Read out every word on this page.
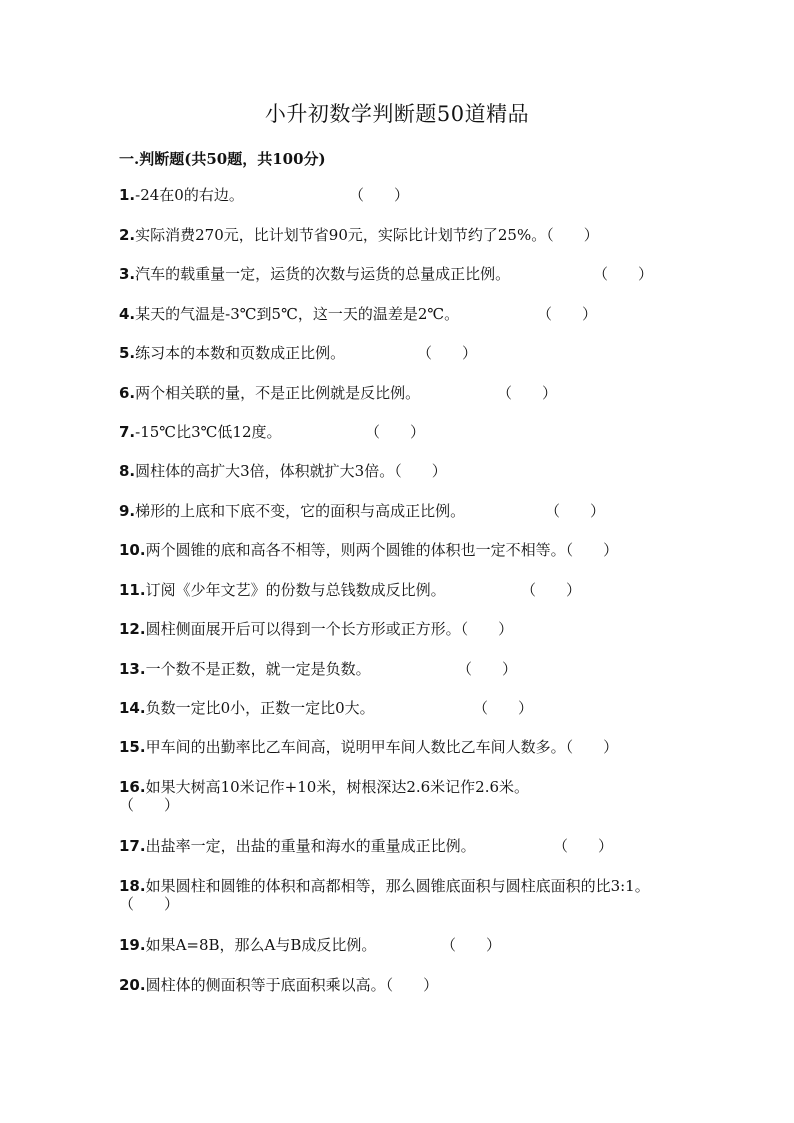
小升初数学判断题50道精品
一.判断题(共50题，共100分)
1.-24在0的右边。	（　　）
2.实际消费270元，比计划节省90元，实际比计划节约了25%。（　　）
3.汽车的载重量一定，运货的次数与运货的总量成正比例。	（　　）
4.某天的气温是-3℃到5℃，这一天的温差是2℃。	（　　）
5.练习本的本数和页数成正比例。	（　　）
6.两个相关联的量，不是正比例就是反比例。	（　　）
7.-15℃比3℃低12度。	（　　）
8.圆柱体的高扩大3倍，体积就扩大3倍。（　　）
9.梯形的上底和下底不变，它的面积与高成正比例。	（　　）
10.两个圆锥的底和高各不相等，则两个圆锥的体积也一定不相等。（　　）
11.订阅《少年文艺》的份数与总钱数成反比例。	（　　）
12.圆柱侧面展开后可以得到一个长方形或正方形。（　　）
13.一个数不是正数，就一定是负数。	（　　）
14.负数一定比0小，正数一定比0大。	（　　）
15.甲车间的出勤率比乙车间高，说明甲车间人数比乙车间人数多。（　　）
16.如果大树高10米记作+10米，树根深达2.6米记作2.6米。
（　　）
17.出盐率一定，出盐的重量和海水的重量成正比例。	（　　）
18.如果圆柱和圆锥的体积和高都相等，那么圆锥底面积与圆柱底面积的比3:1。（　　）
19.如果A=8B，那么A与B成反比例。	（　　）
20.圆柱体的侧面积等于底面积乘以高。（　　）
